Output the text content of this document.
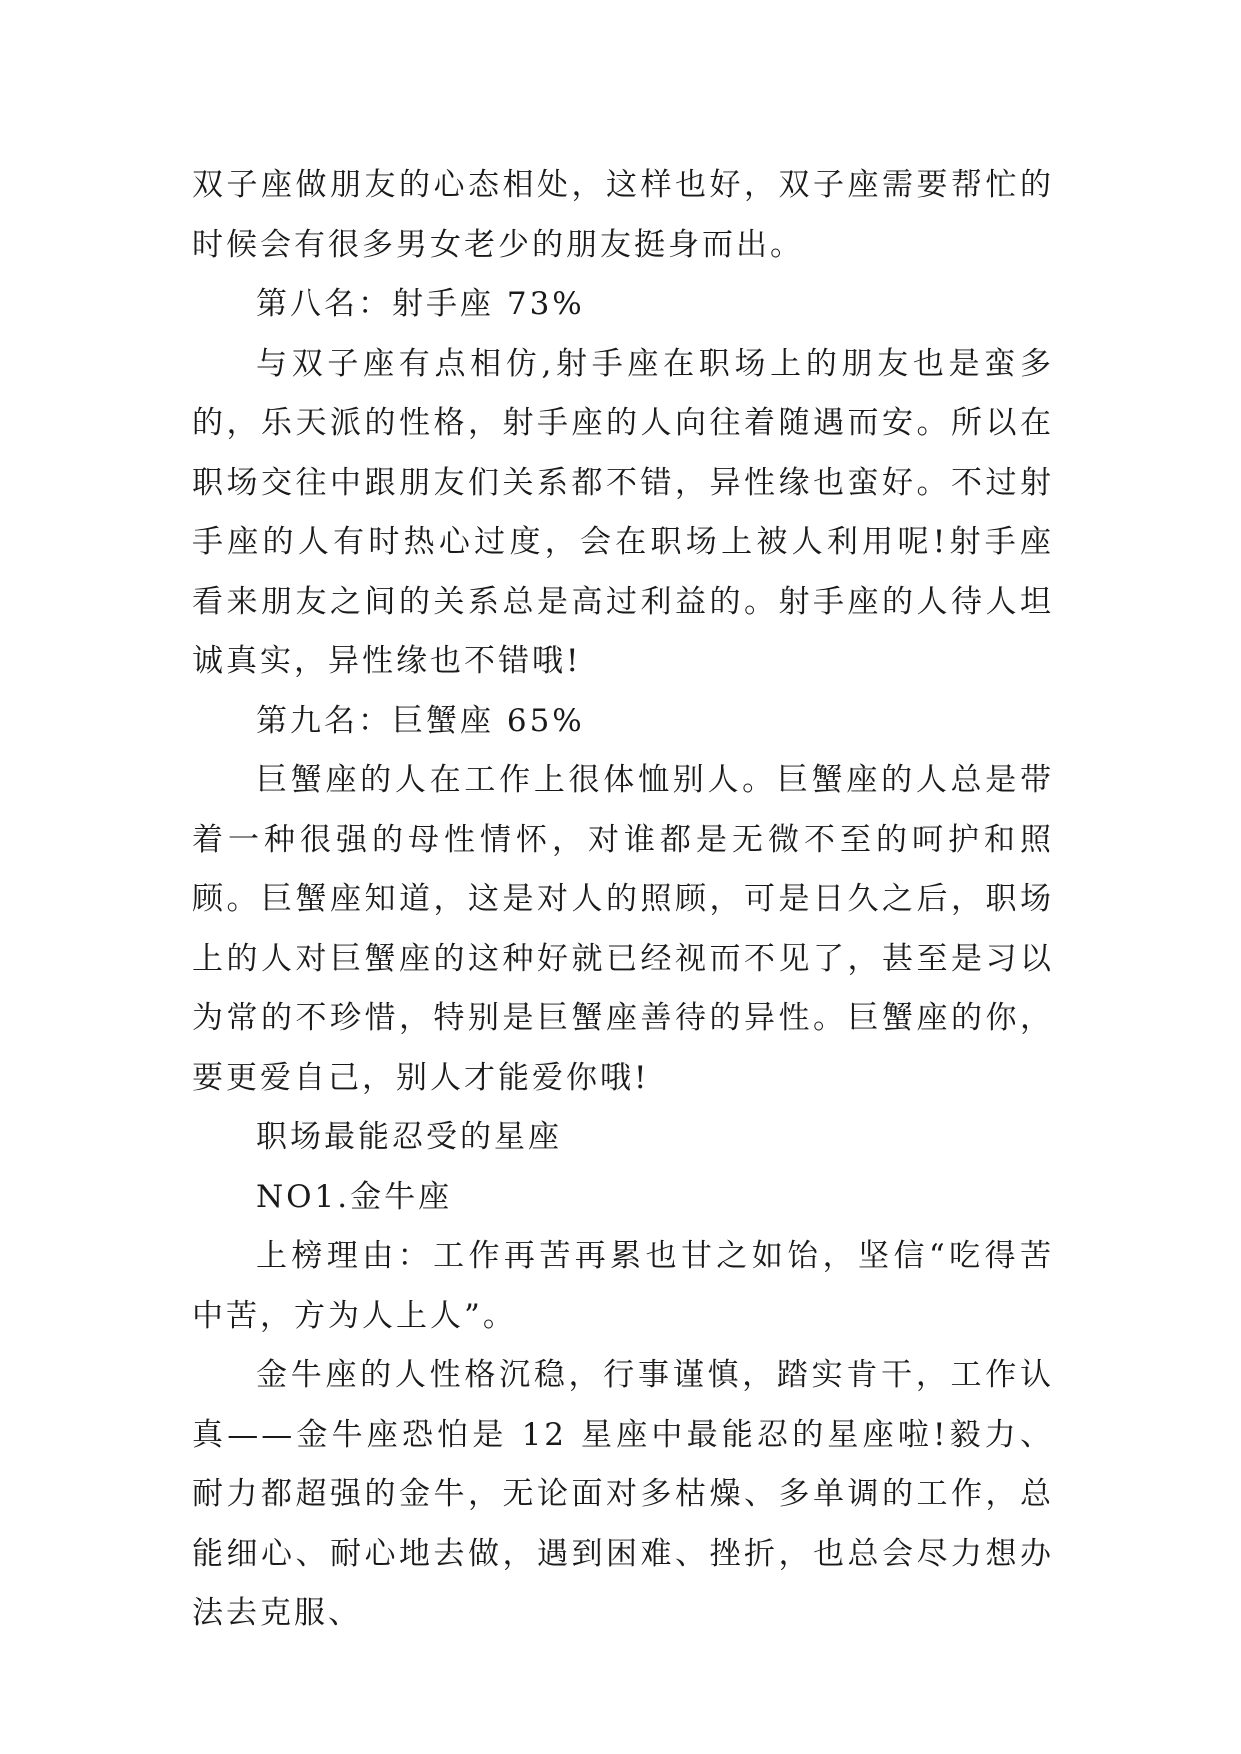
双子座做朋友的心态相处，这样也好，双子座需要帮忙的时候会有很多男女老少的朋友挺身而出。

第八名：射手座 73%

与双子座有点相仿,射手座在职场上的朋友也是蛮多的，乐天派的性格，射手座的人向往着随遇而安。所以在职场交往中跟朋友们关系都不错，异性缘也蛮好。不过射手座的人有时热心过度，会在职场上被人利用呢!射手座看来朋友之间的关系总是高过利益的。射手座的人待人坦诚真实，异性缘也不错哦!

第九名：巨蟹座 65%

巨蟹座的人在工作上很体恤别人。巨蟹座的人总是带着一种很强的母性情怀，对谁都是无微不至的呵护和照顾。巨蟹座知道，这是对人的照顾，可是日久之后，职场上的人对巨蟹座的这种好就已经视而不见了，甚至是习以为常的不珍惜，特别是巨蟹座善待的异性。巨蟹座的你，要更爱自己，别人才能爱你哦!

职场最能忍受的星座

NO1.金牛座

上榜理由：工作再苦再累也甘之如饴，坚信“吃得苦中苦，方为人上人”。

金牛座的人性格沉稳，行事谨慎，踏实肯干，工作认真——金牛座恐怕是 12 星座中最能忍的星座啦!毅力、耐力都超强的金牛，无论面对多枯燥、多单调的工作，总能细心、耐心地去做，遇到困难、挫折，也总会尽力想办法去克服、
